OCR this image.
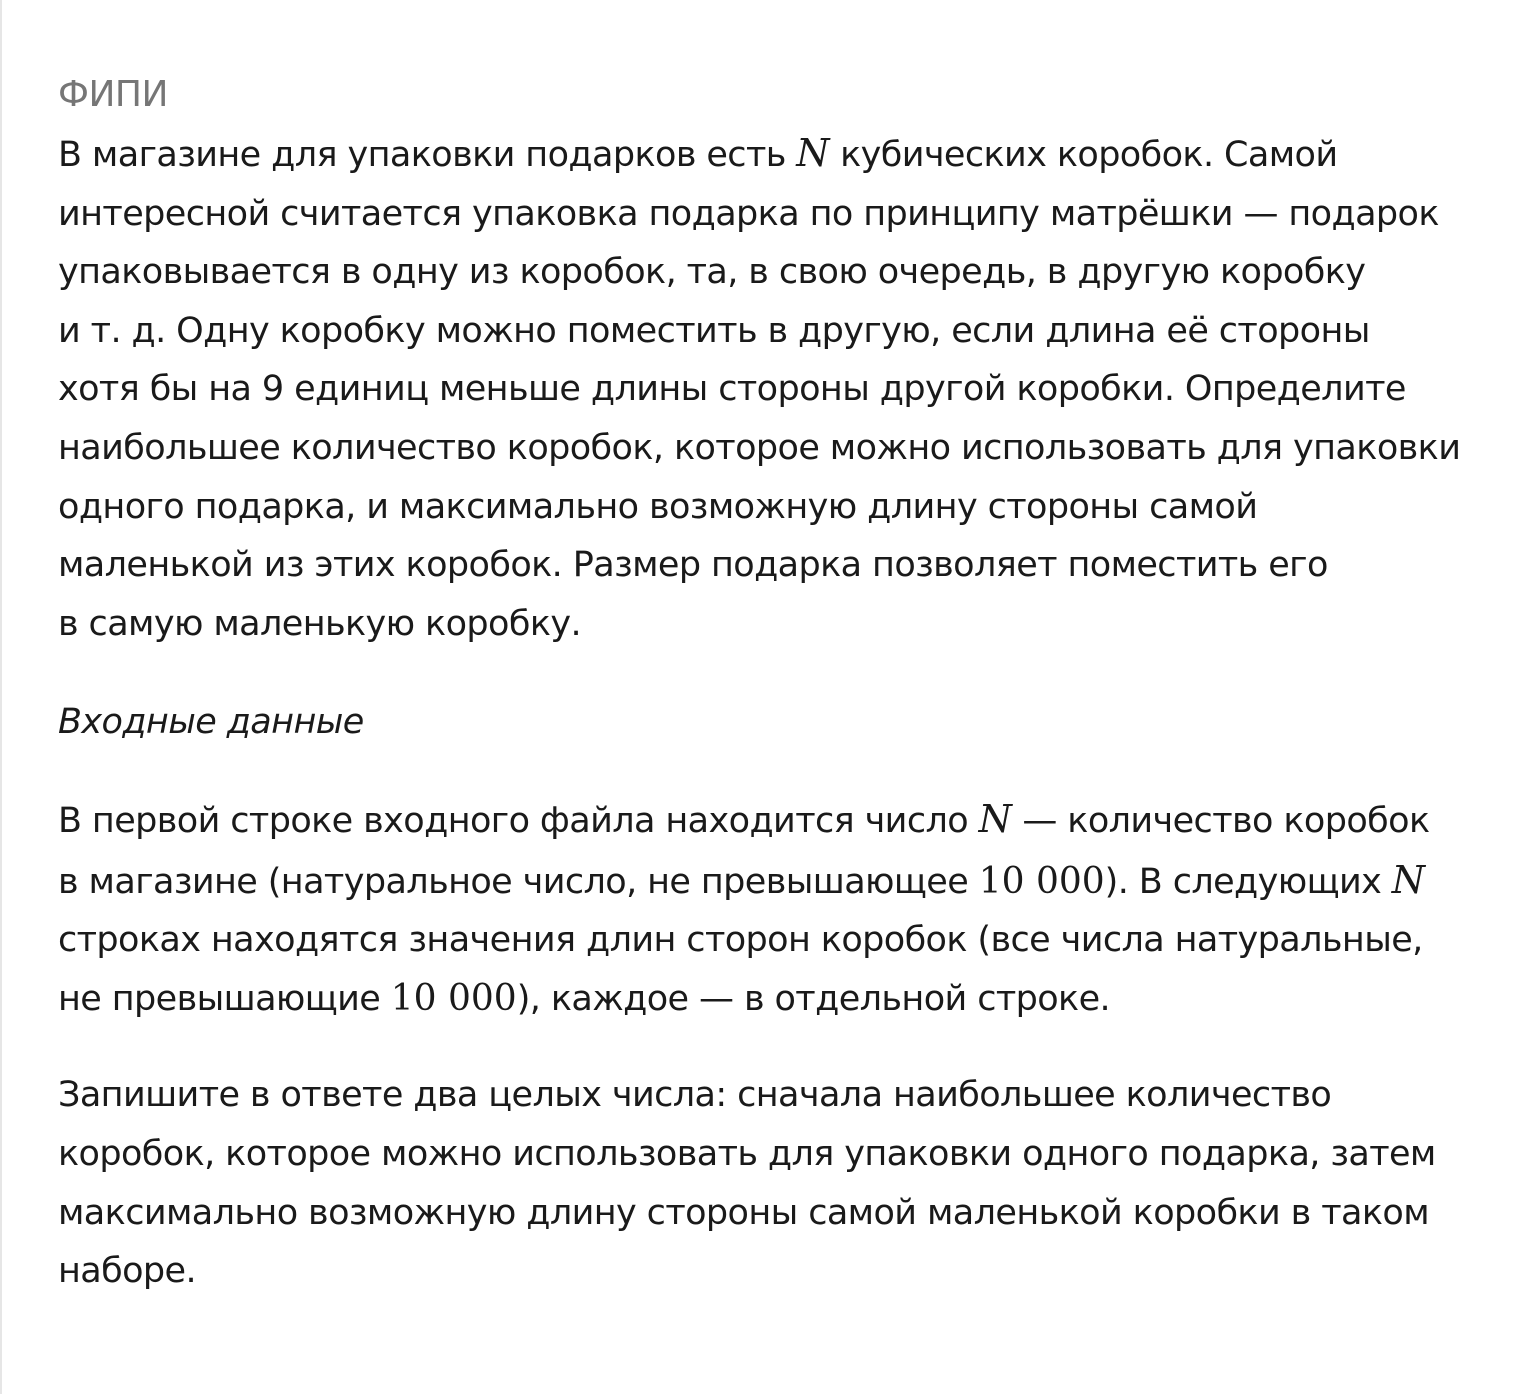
ФИПИ

В магазине для упаковки подарков есть N кубических коробок. Самой
интересной считается упаковка подарка по принципу матрёшки — подарок
упаковывается в одну из коробок, та, в свою очередь, в другую коробку
и т. д. Одну коробку можно поместить в другую, если длина её стороны
хотя бы на 9 единиц меньше длины стороны другой коробки. Определите
наибольшее количество коробок, которое можно использовать для упаковки
одного подарка, и максимально возможную длину стороны самой
маленькой из этих коробок. Размер подарка позволяет поместить его
в самую маленькую коробку.

Входные данные

В первой строке входного файла находится число N — количество коробок
в магазине (натуральное число, не превышающее 10 000). В следующих N
строках находятся значения длин сторон коробок (все числа натуральные,
не превышающие 10 000), каждое — в отдельной строке.

Запишите в ответе два целых числа: сначала наибольшее количество
коробок, которое можно использовать для упаковки одного подарка, затем
максимально возможную длину стороны самой маленькой коробки в таком
наборе.
